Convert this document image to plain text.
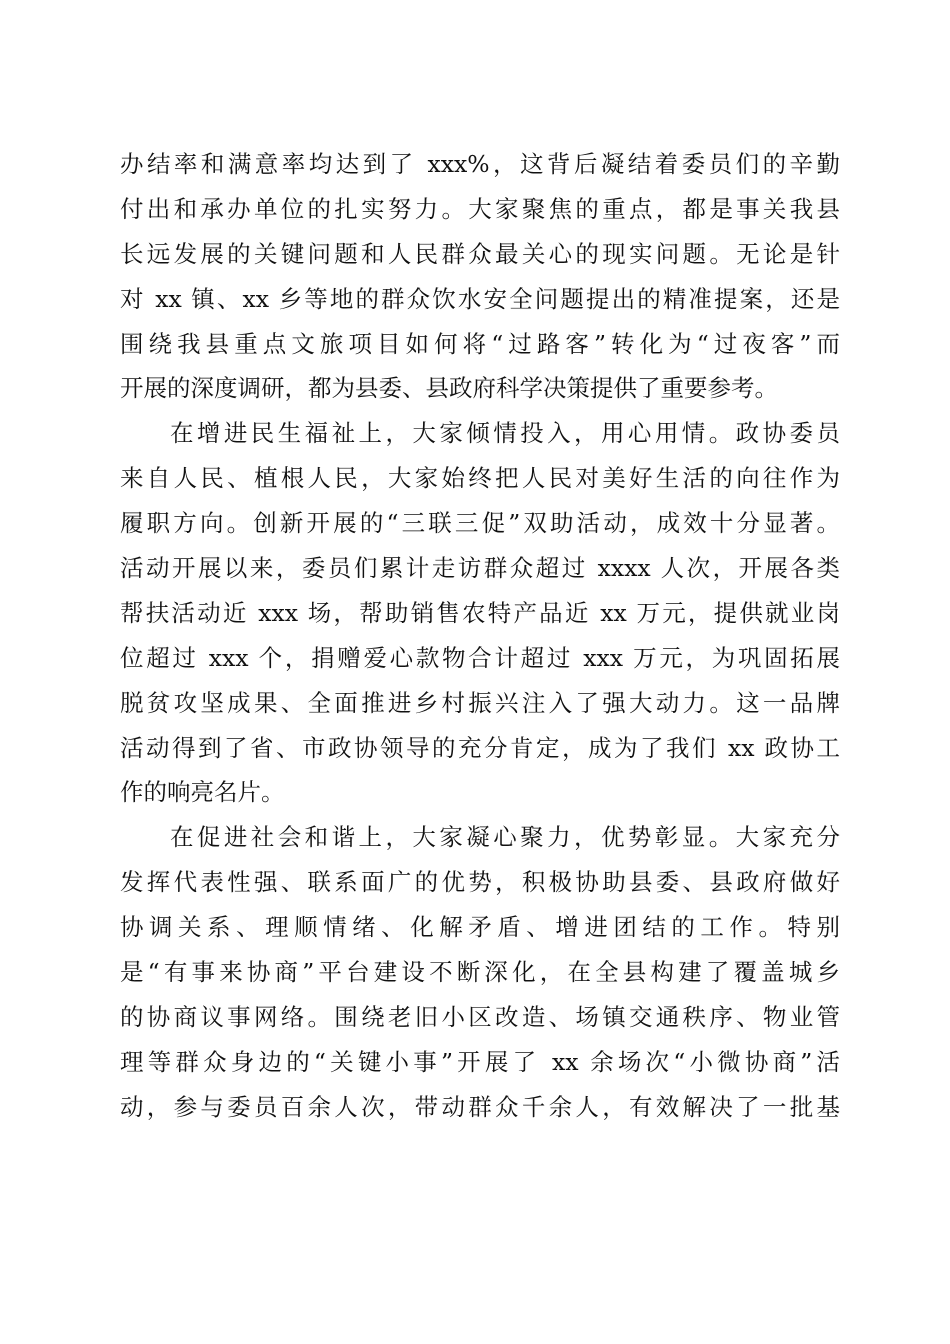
办结率和满意率均达到了 xxx%，这背后凝结着委员们的辛勤
付出和承办单位的扎实努力。大家聚焦的重点，都是事关我县
长远发展的关键问题和人民群众最关心的现实问题。无论是针
对 xx 镇、xx 乡等地的群众饮水安全问题提出的精准提案，还是
围绕我县重点文旅项目如何将“过路客”转化为“过夜客”而
开展的深度调研，都为县委、县政府科学决策提供了重要参考。
在增进民生福祉上，大家倾情投入，用心用情。政协委员
来自人民、植根人民，大家始终把人民对美好生活的向往作为
履职方向。创新开展的“三联三促”双助活动，成效十分显著。
活动开展以来，委员们累计走访群众超过 xxxx 人次，开展各类
帮扶活动近 xxx 场，帮助销售农特产品近 xx 万元，提供就业岗
位超过 xxx 个，捐赠爱心款物合计超过 xxx 万元，为巩固拓展
脱贫攻坚成果、全面推进乡村振兴注入了强大动力。这一品牌
活动得到了省、市政协领导的充分肯定，成为了我们 xx 政协工
作的响亮名片。
在促进社会和谐上，大家凝心聚力，优势彰显。大家充分
发挥代表性强、联系面广的优势，积极协助县委、县政府做好
协调关系、理顺情绪、化解矛盾、增进团结的工作。特别
是“有事来协商”平台建设不断深化，在全县构建了覆盖城乡
的协商议事网络。围绕老旧小区改造、场镇交通秩序、物业管
理等群众身边的“关键小事”开展了 xx 余场次“小微协商”活
动，参与委员百余人次，带动群众千余人，有效解决了一批基
